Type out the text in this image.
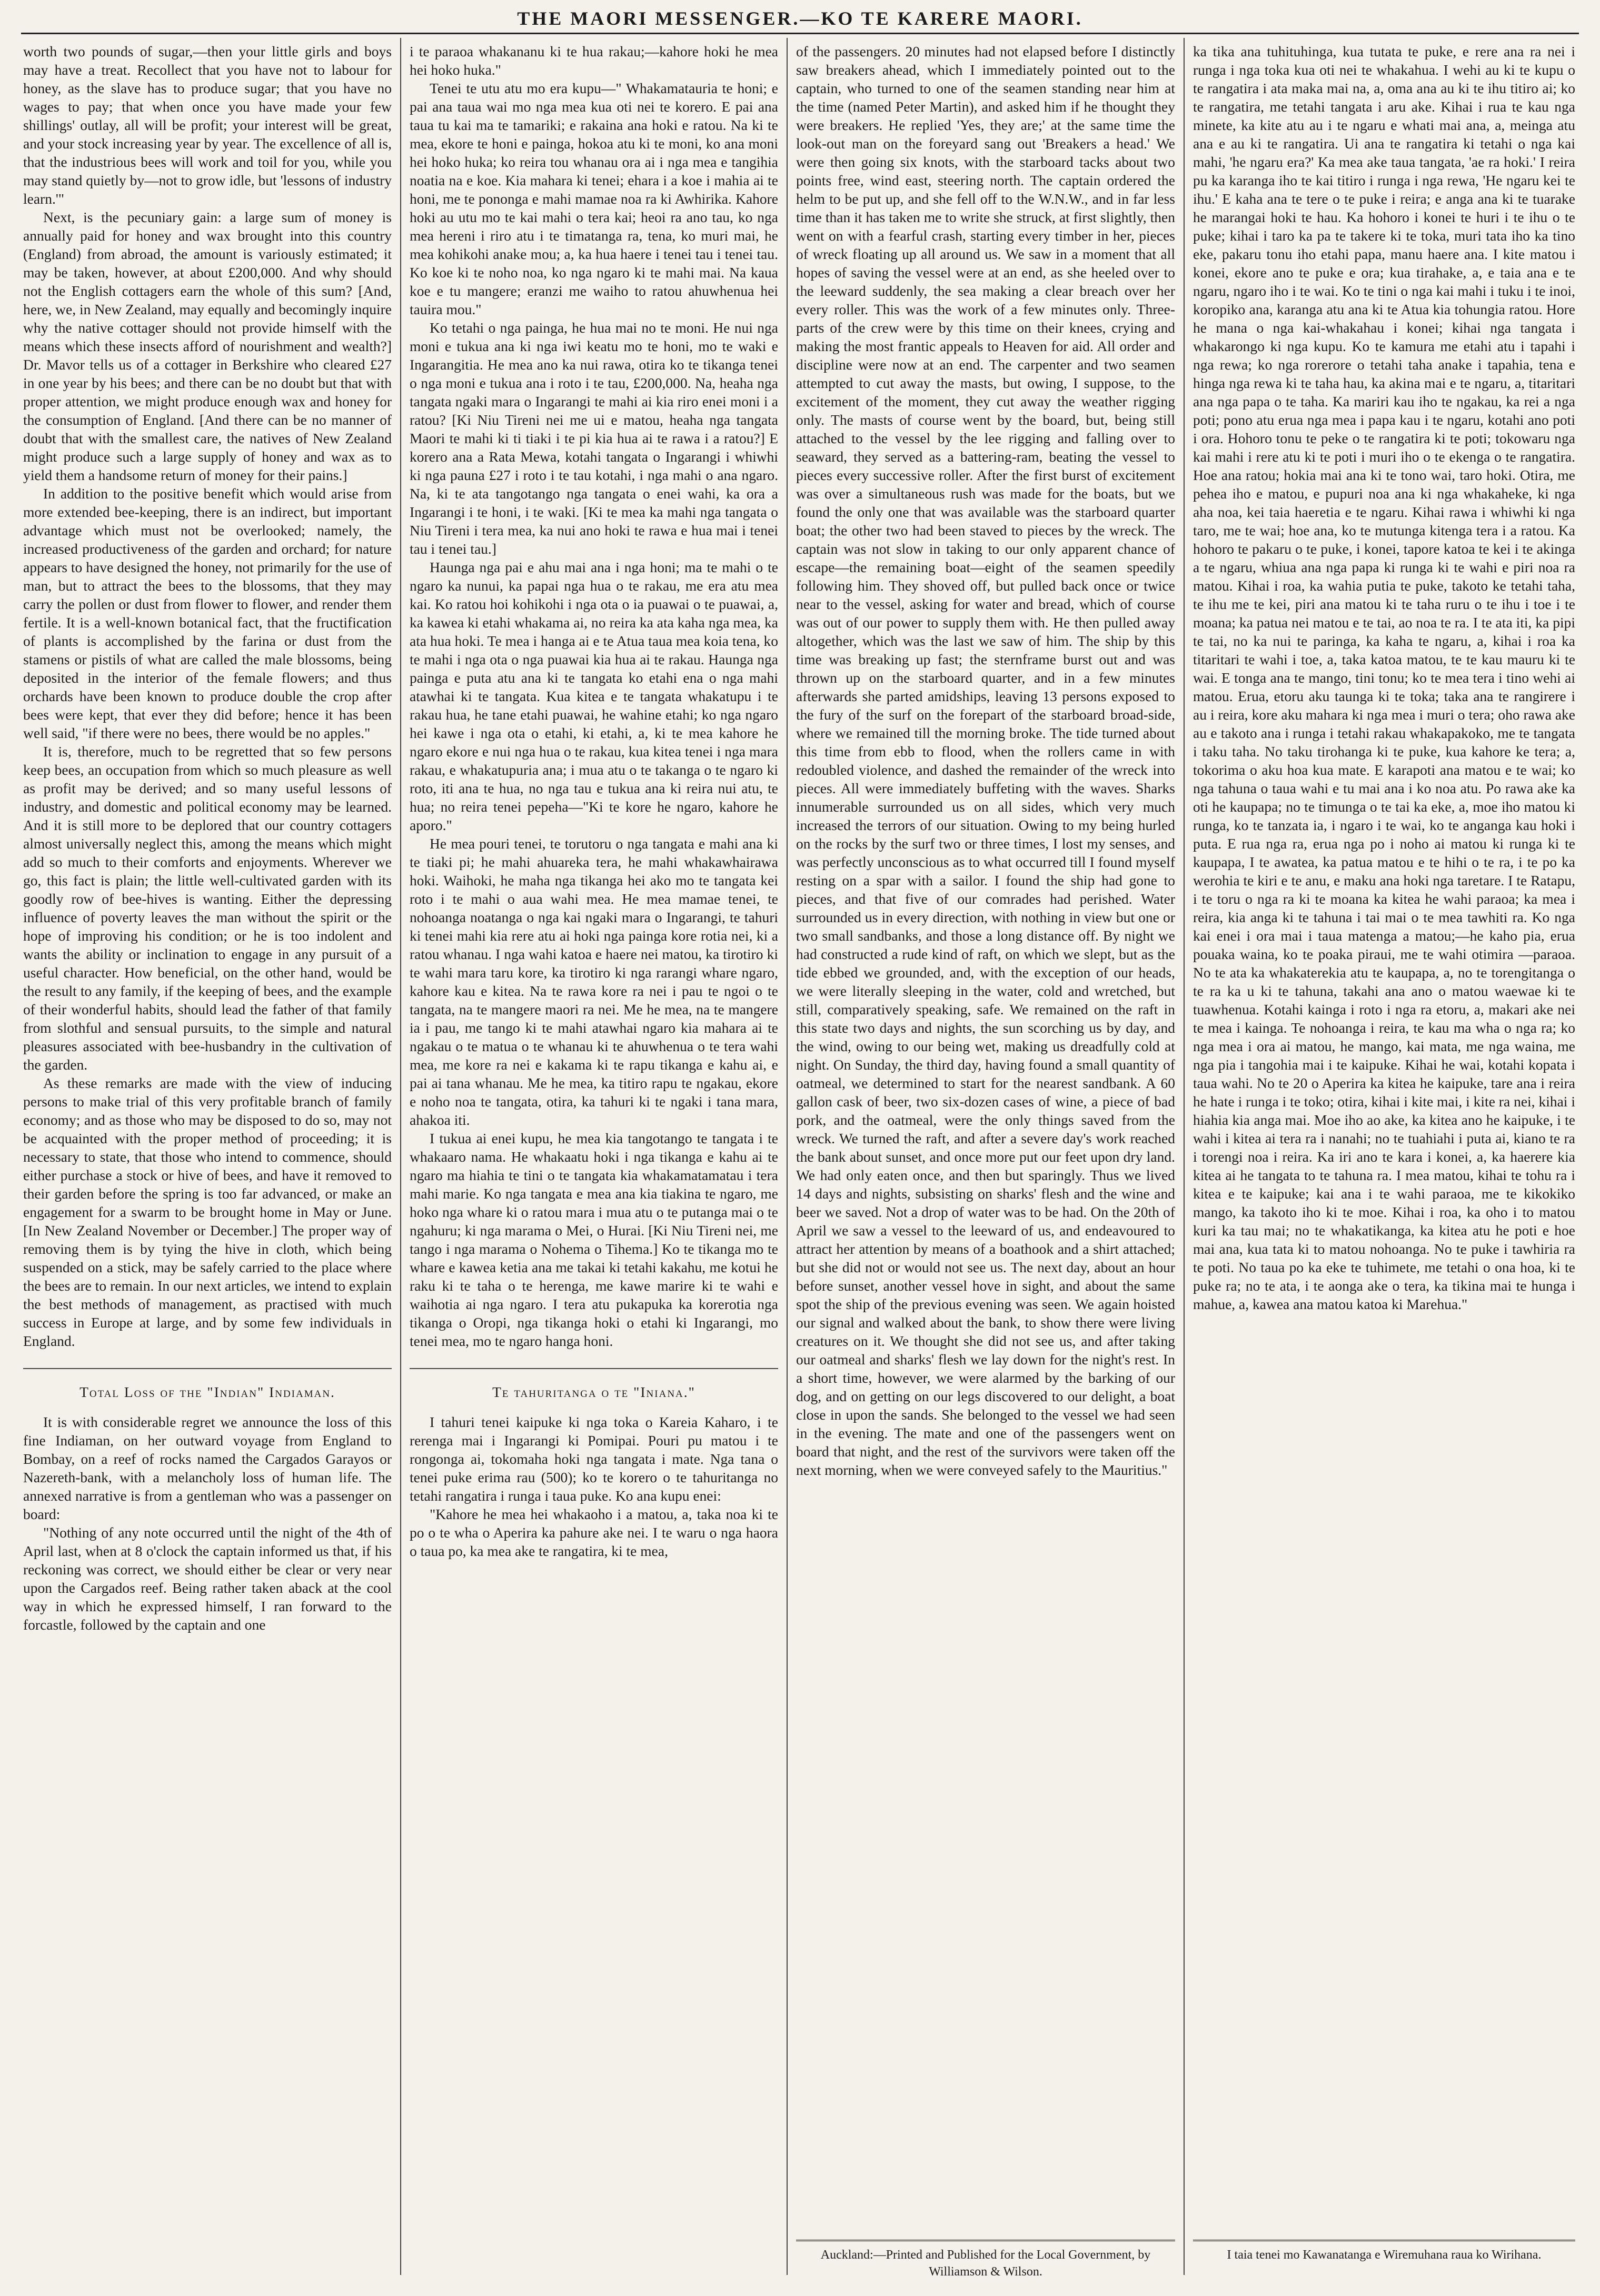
THE MAORI MESSENGER.—KO TE KARERE MAORI.

worth two pounds of sugar,—then your little girls and boys may have a treat. Recollect that you have not to labour for honey, as the slave has to produce sugar; that you have no wages to pay; that when once you have made your few shillings' outlay, all will be profit; your interest will be great, and your stock increasing year by year. The excellence of all is, that the industrious bees will work and toil for you, while you may stand quietly by—not to grow idle, but 'lessons of industry learn.'"

Next, is the pecuniary gain: a large sum of money is annually paid for honey and wax brought into this country (England) from abroad, the amount is variously estimated; it may be taken, however, at about £200,000. And why should not the English cottagers earn the whole of this sum? [And, here, we, in New Zealand, may equally and becomingly inquire why the native cottager should not provide himself with the means which these insects afford of nourishment and wealth?] Dr. Mavor tells us of a cottager in Berkshire who cleared £27 in one year by his bees; and there can be no doubt but that with proper attention, we might produce enough wax and honey for the consumption of England. [And there can be no manner of doubt that with the smallest care, the natives of New Zealand might produce such a large supply of honey and wax as to yield them a handsome return of money for their pains.]

In addition to the positive benefit which would arise from more extended bee-keeping, there is an indirect, but important advantage which must not be overlooked; namely, the increased productiveness of the garden and orchard; for nature appears to have designed the honey, not primarily for the use of man, but to attract the bees to the blossoms, that they may carry the pollen or dust from flower to flower, and render them fertile. It is a well-known botanical fact, that the fructification of plants is accomplished by the farina or dust from the stamens or pistils of what are called the male blossoms, being deposited in the interior of the female flowers; and thus orchards have been known to produce double the crop after bees were kept, that ever they did before; hence it has been well said, "if there were no bees, there would be no apples."

It is, therefore, much to be regretted that so few persons keep bees, an occupation from which so much pleasure as well as profit may be derived; and so many useful lessons of industry, and domestic and political economy may be learned. And it is still more to be deplored that our country cottagers almost universally neglect this, among the means which might add so much to their comforts and enjoyments. Wherever we go, this fact is plain; the little well-cultivated garden with its goodly row of bee-hives is wanting. Either the depressing influence of poverty leaves the man without the spirit or the hope of improving his condition; or he is too indolent and wants the ability or inclination to engage in any pursuit of a useful character. How beneficial, on the other hand, would be the result to any family, if the keeping of bees, and the example of their wonderful habits, should lead the father of that family from slothful and sensual pursuits, to the simple and natural pleasures associated with bee-husbandry in the cultivation of the garden.

As these remarks are made with the view of inducing persons to make trial of this very profitable branch of family economy; and as those who may be disposed to do so, may not be acquainted with the proper method of proceeding; it is necessary to state, that those who intend to commence, should either purchase a stock or hive of bees, and have it removed to their garden before the spring is too far advanced, or make an engagement for a swarm to be brought home in May or June. [In New Zealand November or December.] The proper way of removing them is by tying the hive in cloth, which being suspended on a stick, may be safely carried to the place where the bees are to remain. In our next articles, we intend to explain the best methods of management, as practised with much success in Europe at large, and by some few individuals in England.

Total Loss of the "Indian" Indiaman.

It is with considerable regret we announce the loss of this fine Indiaman, on her outward voyage from England to Bombay, on a reef of rocks named the Cargados Garayos or Nazereth-bank, with a melancholy loss of human life. The annexed narrative is from a gentleman who was a passenger on board:

"Nothing of any note occurred until the night of the 4th of April last, when at 8 o'clock the captain informed us that, if his reckoning was correct, we should either be clear or very near upon the Cargados reef. Being rather taken aback at the cool way in which he expressed himself, I ran forward to the forcastle, followed by the captain and one

i te paraoa whakananu ki te hua rakau;—kahore hoki he mea hei hoko huka."

Tenei te utu atu mo era kupu—" Whakamatauria te honi; e pai ana taua wai mo nga mea kua oti nei te korero. E pai ana taua tu kai ma te tamariki; e rakaina ana hoki e ratou. Na ki te mea, ekore te honi e painga, hokoa atu ki te moni, ko ana moni hei hoko huka; ko reira tou whanau ora ai i nga mea e tangihia noatia na e koe. Kia mahara ki tenei; ehara i a koe i mahia ai te honi, me te pononga e mahi mamae noa ra ki Awhirika. Kahore hoki au utu mo te kai mahi o tera kai; heoi ra ano tau, ko nga mea hereni i riro atu i te timatanga ra, tena, ko muri mai, he mea kohikohi anake mou; a, ka hua haere i tenei tau i tenei tau. Ko koe ki te noho noa, ko nga ngaro ki te mahi mai. Na kaua koe e tu mangere; eranzi me waiho to ratou ahuwhenua hei tauira mou."

Ko tetahi o nga painga, he hua mai no te moni. He nui nga moni e tukua ana ki nga iwi keatu mo te honi, mo te waki e Ingarangitia. He mea ano ka nui rawa, otira ko te tikanga tenei o nga moni e tukua ana i roto i te tau, £200,000. Na, heaha nga tangata ngaki mara o Ingarangi te mahi ai kia riro enei moni i a ratou? [Ki Niu Tireni nei me ui e matou, heaha nga tangata Maori te mahi ki ti tiaki i te pi kia hua ai te rawa i a ratou?] E korero ana a Rata Mewa, kotahi tangata o Ingarangi i whiwhi ki nga pauna £27 i roto i te tau kotahi, i nga mahi o ana ngaro. Na, ki te ata tangotango nga tangata o enei wahi, ka ora a Ingarangi i te honi, i te waki. [Ki te mea ka mahi nga tangata o Niu Tireni i tera mea, ka nui ano hoki te rawa e hua mai i tenei tau i tenei tau.]

Haunga nga pai e ahu mai ana i nga honi; ma te mahi o te ngaro ka nunui, ka papai nga hua o te rakau, me era atu mea kai. Ko ratou hoi kohikohi i nga ota o ia puawai o te puawai, a, ka kawea ki etahi whakama ai, no reira ka ata kaha nga mea, ka ata hua hoki. Te mea i hanga ai e te Atua taua mea koia tena, ko te mahi i nga ota o nga puawai kia hua ai te rakau. Haunga nga painga e puta atu ana ki te tangata ko etahi ena o nga mahi atawhai ki te tangata. Kua kitea e te tangata whakatupu i te rakau hua, he tane etahi puawai, he wahine etahi; ko nga ngaro hei kawe i nga ota o etahi, ki etahi, a, ki te mea kahore he ngaro ekore e nui nga hua o te rakau, kua kitea tenei i nga mara rakau, e whakatupuria ana; i mua atu o te takanga o te ngaro ki roto, iti ana te hua, no nga tau e tukua ana ki reira nui atu, te hua; no reira tenei pepeha—"Ki te kore he ngaro, kahore he aporo."

He mea pouri tenei, te torutoru o nga tangata e mahi ana ki te tiaki pi; he mahi ahuareka tera, he mahi whakawhairawa hoki. Waihoki, he maha nga tikanga hei ako mo te tangata kei roto i te mahi o aua wahi mea. He mea mamae tenei, te nohoanga noatanga o nga kai ngaki mara o Ingarangi, te tahuri ki tenei mahi kia rere atu ai hoki nga painga kore rotia nei, ki a ratou whanau. I nga wahi katoa e haere nei matou, ka tirotiro ki te wahi mara taru kore, ka tirotiro ki nga rarangi whare ngaro, kahore kau e kitea. Na te rawa kore ra nei i pau te ngoi o te tangata, na te mangere maori ra nei. Me he mea, na te mangere ia i pau, me tango ki te mahi atawhai ngaro kia mahara ai te ngakau o te matua o te whanau ki te ahuwhenua o te tera wahi mea, me kore ra nei e kakama ki te rapu tikanga e kahu ai, e pai ai tana whanau. Me he mea, ka titiro rapu te ngakau, ekore e noho noa te tangata, otira, ka tahuri ki te ngaki i tana mara, ahakoa iti.

I tukua ai enei kupu, he mea kia tangotango te tangata i te whakaaro nama. He whakaatu hoki i nga tikanga e kahu ai te ngaro ma hiahia te tini o te tangata kia whakamatamatau i tera mahi marie. Ko nga tangata e mea ana kia tiakina te ngaro, me hoko nga whare ki o ratou mara i mua atu o te putanga mai o te ngahuru; ki nga marama o Mei, o Hurai. [Ki Niu Tireni nei, me tango i nga marama o Nohema o Tihema.] Ko te tikanga mo te whare e kawea ketia ana me takai ki tetahi kakahu, me kotui he raku ki te taha o te herenga, me kawe marire ki te wahi e waihotia ai nga ngaro. I tera atu pukapuka ka korerotia nga tikanga o Oropi, nga tikanga hoki o etahi ki Ingarangi, mo tenei mea, mo te ngaro hanga honi.

Te tahuritanga o te "Iniana."

I tahuri tenei kaipuke ki nga toka o Kareia Kaharo, i te rerenga mai i Ingarangi ki Pomipai. Pouri pu matou i te rongonga ai, tokomaha hoki nga tangata i mate. Nga tana o tenei puke erima rau (500); ko te korero o te tahuritanga no tetahi rangatira i runga i taua puke. Ko ana kupu enei:

"Kahore he mea hei whakaoho i a matou, a, taka noa ki te po o te wha o Aperira ka pahure ake nei. I te waru o nga haora o taua po, ka mea ake te rangatira, ki te mea,

of the passengers. 20 minutes had not elapsed before I distinctly saw breakers ahead, which I immediately pointed out to the captain, who turned to one of the seamen standing near him at the time (named Peter Martin), and asked him if he thought they were breakers. He replied 'Yes, they are;' at the same time the look-out man on the foreyard sang out 'Breakers a head.' We were then going six knots, with the starboard tacks about two points free, wind east, steering north. The captain ordered the helm to be put up, and she fell off to the W.N.W., and in far less time than it has taken me to write she struck, at first slightly, then went on with a fearful crash, starting every timber in her, pieces of wreck floating up all around us. We saw in a moment that all hopes of saving the vessel were at an end, as she heeled over to the leeward suddenly, the sea making a clear breach over her every roller. This was the work of a few minutes only. Three-parts of the crew were by this time on their knees, crying and making the most frantic appeals to Heaven for aid. All order and discipline were now at an end. The carpenter and two seamen attempted to cut away the masts, but owing, I suppose, to the excitement of the moment, they cut away the weather rigging only. The masts of course went by the board, but, being still attached to the vessel by the lee rigging and falling over to seaward, they served as a battering-ram, beating the vessel to pieces every successive roller. After the first burst of excitement was over a simultaneous rush was made for the boats, but we found the only one that was available was the starboard quarter boat; the other two had been staved to pieces by the wreck. The captain was not slow in taking to our only apparent chance of escape—the remaining boat—eight of the seamen speedily following him. They shoved off, but pulled back once or twice near to the vessel, asking for water and bread, which of course was out of our power to supply them with. He then pulled away altogether, which was the last we saw of him. The ship by this time was breaking up fast; the sternframe burst out and was thrown up on the starboard quarter, and in a few minutes afterwards she parted amidships, leaving 13 persons exposed to the fury of the surf on the forepart of the starboard broad-side, where we remained till the morning broke. The tide turned about this time from ebb to flood, when the rollers came in with redoubled violence, and dashed the remainder of the wreck into pieces. All were immediately buffeting with the waves. Sharks innumerable surrounded us on all sides, which very much increased the terrors of our situation. Owing to my being hurled on the rocks by the surf two or three times, I lost my senses, and was perfectly unconscious as to what occurred till I found myself resting on a spar with a sailor. I found the ship had gone to pieces, and that five of our comrades had perished. Water surrounded us in every direction, with nothing in view but one or two small sandbanks, and those a long distance off. By night we had constructed a rude kind of raft, on which we slept, but as the tide ebbed we grounded, and, with the exception of our heads, we were literally sleeping in the water, cold and wretched, but still, comparatively speaking, safe. We remained on the raft in this state two days and nights, the sun scorching us by day, and the wind, owing to our being wet, making us dreadfully cold at night. On Sunday, the third day, having found a small quantity of oatmeal, we determined to start for the nearest sandbank. A 60 gallon cask of beer, two six-dozen cases of wine, a piece of bad pork, and the oatmeal, were the only things saved from the wreck. We turned the raft, and after a severe day's work reached the bank about sunset, and once more put our feet upon dry land. We had only eaten once, and then but sparingly. Thus we lived 14 days and nights, subsisting on sharks' flesh and the wine and beer we saved. Not a drop of water was to be had. On the 20th of April we saw a vessel to the leeward of us, and endeavoured to attract her attention by means of a boathook and a shirt attached; but she did not or would not see us. The next day, about an hour before sunset, another vessel hove in sight, and about the same spot the ship of the previous evening was seen. We again hoisted our signal and walked about the bank, to show there were living creatures on it. We thought she did not see us, and after taking our oatmeal and sharks' flesh we lay down for the night's rest. In a short time, however, we were alarmed by the barking of our dog, and on getting on our legs discovered to our delight, a boat close in upon the sands. She belonged to the vessel we had seen in the evening. The mate and one of the passengers went on board that night, and the rest of the survivors were taken off the next morning, when we were conveyed safely to the Mauritius."

ka tika ana tuhituhinga, kua tutata te puke, e rere ana ra nei i runga i nga toka kua oti nei te whakahua. I wehi au ki te kupu o te rangatira i ata maka mai na, a, oma ana au ki te ihu titiro ai; ko te rangatira, me tetahi tangata i aru ake. Kihai i rua te kau nga minete, ka kite atu au i te ngaru e whati mai ana, a, meinga atu ana e au ki te rangatira. Ui ana te rangatira ki tetahi o nga kai mahi, 'he ngaru era?' Ka mea ake taua tangata, 'ae ra hoki.' I reira pu ka karanga iho te kai titiro i runga i nga rewa, 'He ngaru kei te ihu.' E kaha ana te tere o te puke i reira; e anga ana ki te tuarake he marangai hoki te hau. Ka hohoro i konei te huri i te ihu o te puke; kihai i taro ka pa te takere ki te toka, muri tata iho ka tino eke, pakaru tonu iho etahi papa, manu haere ana. I kite matou i konei, ekore ano te puke e ora; kua tirahake, a, e taia ana e te ngaru, ngaro iho i te wai. Ko te tini o nga kai mahi i tuku i te inoi, koropiko ana, karanga atu ana ki te Atua kia tohungia ratou. Hore he mana o nga kai-whakahau i konei; kihai nga tangata i whakarongo ki nga kupu. Ko te kamura me etahi atu i tapahi i nga rewa; ko nga rorerore o tetahi taha anake i tapahia, tena e hinga nga rewa ki te taha hau, ka akina mai e te ngaru, a, titaritari ana nga papa o te taha. Ka mariri kau iho te ngakau, ka rei a nga poti; pono atu erua nga mea i papa kau i te ngaru, kotahi ano poti i ora. Hohoro tonu te peke o te rangatira ki te poti; tokowaru nga kai mahi i rere atu ki te poti i muri iho o te ekenga o te rangatira. Hoe ana ratou; hokia mai ana ki te tono wai, taro hoki. Otira, me pehea iho e matou, e pupuri noa ana ki nga whakaheke, ki nga aha noa, kei taia haeretia e te ngaru. Kihai rawa i whiwhi ki nga taro, me te wai; hoe ana, ko te mutunga kitenga tera i a ratou. Ka hohoro te pakaru o te puke, i konei, tapore katoa te kei i te akinga a te ngaru, whiua ana nga papa ki runga ki te wahi e piri noa ra matou. Kihai i roa, ka wahia putia te puke, takoto ke tetahi taha, te ihu me te kei, piri ana matou ki te taha ruru o te ihu i toe i te moana; ka patua nei matou e te tai, ao noa te ra. I te ata iti, ka pipi te tai, no ka nui te paringa, ka kaha te ngaru, a, kihai i roa ka titaritari te wahi i toe, a, taka katoa matou, te te kau mauru ki te wai. E tonga ana te mango, tini tonu; ko te mea tera i tino wehi ai matou. Erua, etoru aku taunga ki te toka; taka ana te rangirere i au i reira, kore aku mahara ki nga mea i muri o tera; oho rawa ake au e takoto ana i runga i tetahi rakau whakapakoko, me te tangata i taku taha. No taku tirohanga ki te puke, kua kahore ke tera; a, tokorima o aku hoa kua mate. E karapoti ana matou e te wai; ko nga tahuna o taua wahi e tu mai ana i ko noa atu. Po rawa ake ka oti he kaupapa; no te timunga o te tai ka eke, a, moe iho matou ki runga, ko te tanzata ia, i ngaro i te wai, ko te anganga kau hoki i puta. E rua nga ra, erua nga po i noho ai matou ki runga ki te kaupapa, I te awatea, ka patua matou e te hihi o te ra, i te po ka werohia te kiri e te anu, e maku ana hoki nga taretare. I te Ratapu, i te toru o nga ra ki te moana ka kitea he wahi paraoa; ka mea i reira, kia anga ki te tahuna i tai mai o te mea tawhiti ra. Ko nga kai enei i ora mai i taua matenga a matou;—he kaho pia, erua pouaka waina, ko te poaka piraui, me te wahi otimira —paraoa. No te ata ka whakaterekia atu te kaupapa, a, no te torengitanga o te ra ka u ki te tahuna, takahi ana ano o matou waewae ki te tuawhenua. Kotahi kainga i roto i nga ra etoru, a, makari ake nei te mea i kainga. Te nohoanga i reira, te kau ma wha o nga ra; ko nga mea i ora ai matou, he mango, kai mata, me nga waina, me nga pia i tangohia mai i te kaipuke. Kihai he wai, kotahi kopata i taua wahi. No te 20 o Aperira ka kitea he kaipuke, tare ana i reira he hate i runga i te toko; otira, kihai i kite mai, i kite ra nei, kihai i hiahia kia anga mai. Moe iho ao ake, ka kitea ano he kaipuke, i te wahi i kitea ai tera ra i nanahi; no te tuahiahi i puta ai, kiano te ra i torengi noa i reira. Ka iri ano te kara i konei, a, ka haerere kia kitea ai he tangata to te tahuna ra. I mea matou, kihai te tohu ra i kitea e te kaipuke; kai ana i te wahi paraoa, me te kikokiko mango, ka takoto iho ki te moe. Kihai i roa, ka oho i to matou kuri ka tau mai; no te whakatikanga, ka kitea atu he poti e hoe mai ana, kua tata ki to matou nohoanga. No te puke i tawhiria ra te poti. No taua po ka eke te tuhimete, me tetahi o ona hoa, ki te puke ra; no te ata, i te aonga ake o tera, ka tikina mai te hunga i mahue, a, kawea ana matou katoa ki Marehua."

Auckland:—Printed and Published for the Local Government, by Williamson & Wilson.
I taia tenei mo Kawanatanga e Wiremuhana raua ko Wirihana.
